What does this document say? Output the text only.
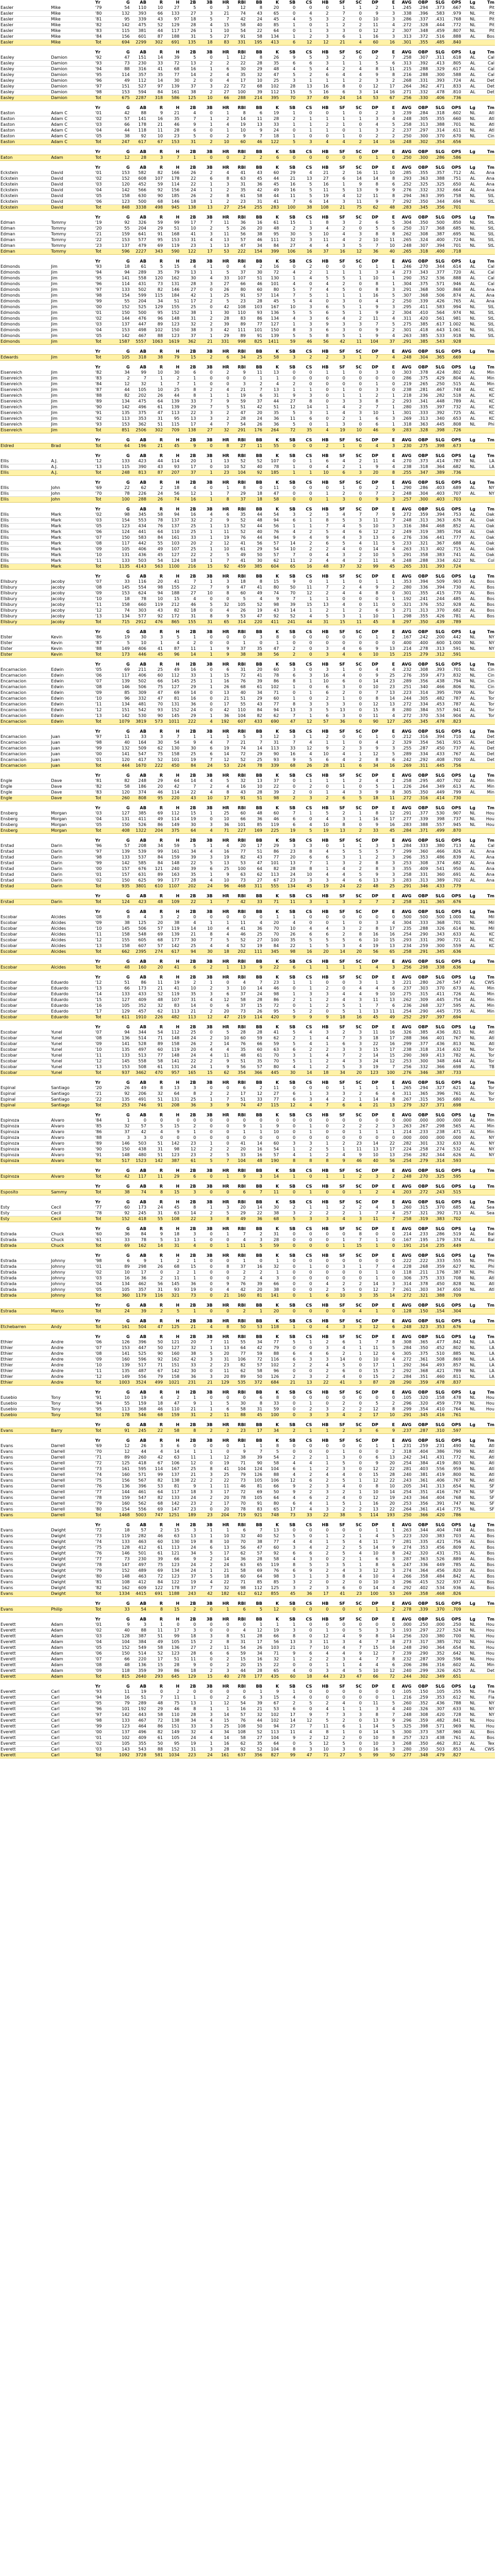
		Yr	G	AB	R	H	2B	3B	HR	RBI	BB	K	SB	CS	HB	SF	SC	DP	E	AVG	OBP	SLG	OPS	Lg	Tm
Easler	Mike	'79	54	110	10	27	5	0	3	12	8	20	0	0	0	1	1	2	1	.245	.294	.373	.667	NL	Pit
Easler	Mike	'80	132	393	66	133	27	3	21	74	43	65	0	4	2	7	0	9	3	.338	.396	.583	.979	NL	Pit
Easler	Mike	'81	95	339	43	97	18	5	7	42	24	45	4	5	3	2	0	10	3	.286	.337	.431	.768	NL	Pit
Easler	Mike	'82	142	475	52	129	28	4	15	58	40	85	1	0	1	2	2	11	4	.272	.328	.444	.772	NL	Pit
Easler	Mike	'83	115	381	44	117	26	1	10	54	22	64	0	1	3	3	0	12	2	.307	.348	.459	.807	NL	Pit
Easler	Mike	'84	156	601	87	188	31	5	27	91	58	134	1	2	3	6	1	16	3	.313	.372	.516	.888	AL	Bos
Easler	Mike	Tot	694	2299	302	691	135	18	83	331	195	413	6	12	12	21	4	60	16	.301	.355	.485	.840		

		Yr	G	AB	R	H	2B	3B	HR	RBI	BB	K	SB	CS	HB	SF	SC	DP	E	AVG	OBP	SLG	OPS	Lg	Tm
Easley	Damion	'92	47	151	14	39	5	0	1	12	8	26	9	5	3	2	0	2	7	.258	.307	.311	.618	AL	Cal
Easley	Damion	'93	73	230	33	72	13	2	2	22	28	35	6	6	3	1	1	5	6	.313	.392	.413	.805	AL	Cal
Easley	Damion	'94	88	316	41	68	16	1	6	30	29	48	4	5	4	2	4	8	11	.215	.288	.329	.617	AL	Cal
Easley	Damion	'95	114	357	35	77	14	2	4	35	32	47	5	2	6	4	4	9	8	.216	.288	.300	.588	AL	Cal
Easley	Damion	'96	49	112	14	30	2	0	4	17	10	25	3	1	1	1	2	3	2	.268	.331	.393	.724	AL	Det
Easley	Damion	'97	151	527	97	139	37	3	22	72	68	102	28	13	16	8	0	12	17	.264	.362	.471	.833	AL	Det
Easley	Damion	'98	153	594	84	161	38	2	27	100	39	112	15	5	16	6	3	14	16	.271	.332	.478	.810	AL	Det
Easley	Damion	Tot	675	2287	318	586	125	10	66	288	214	395	70	37	49	24	14	53	67	.256	.330	.406	.736		

		Yr	G	AB	R	H	2B	3B	HR	RBI	BB	K	SB	CS	HB	SF	SC	DP	E	AVG	OBP	SLG	OPS	Lg	Tm
Easton	Adam C	'01	42	88	9	21	4	0	1	8	6	19	1	0	0	1	0	2	3	.239	.284	.318	.602	NL	Atl
Easton	Adam C	'02	57	141	16	35	7	1	2	14	11	28	2	1	1	1	1	3	4	.248	.305	.355	.660	NL	Atl
Easton	Adam C	'03	66	178	21	46	9	1	4	19	13	33	1	1	2	1	0	4	5	.258	.313	.388	.701	NL	Atl
Easton	Adam C	'04	44	118	11	28	6	0	1	10	9	24	0	1	1	0	1	3	2	.237	.297	.314	.611	NL	Atl
Easton	Adam C	'05	38	92	10	23	5	0	2	9	7	18	1	0	0	1	0	2	2	.250	.300	.370	.670	NL	Cin
Easton	Adam C	Tot	247	617	67	153	31	2	10	60	46	122	5	3	4	4	2	14	16	.248	.302	.354	.656		

		Yr	G	AB	R	H	2B	3B	HR	RBI	BB	K	SB	CS	HB	SF	SC	DP	E	AVG	OBP	SLG	OPS	Lg	Tm
Eaton	Adam	Tot	12	28	3	7	1	0	0	2	2	6	0	0	0	0	0	1	0	.250	.300	.286	.586		

		Yr	G	AB	R	H	2B	3B	HR	RBI	BB	K	SB	CS	HB	SF	SC	DP	E	AVG	OBP	SLG	OPS	Lg	Tm
Eckstein	David	'01	153	582	82	166	26	2	4	41	43	60	29	4	21	2	16	11	10	.285	.355	.357	.712	AL	Ana
Eckstein	David	'02	152	608	107	178	22	6	8	63	45	44	21	13	27	6	14	14	8	.293	.363	.388	.751	AL	Ana
Eckstein	David	'03	120	452	59	114	22	1	3	31	36	45	16	5	16	1	9	8	6	.252	.325	.325	.650	AL	Ana
Eckstein	David	'04	142	566	92	156	24	1	2	35	42	49	16	5	11	5	13	9	9	.276	.332	.332	.664	AL	Ana
Eckstein	David	'05	158	630	90	185	26	2	8	61	58	44	11	5	19	4	12	11	8	.294	.363	.395	.758	NL	StL
Eckstein	David	'06	123	500	68	146	18	1	2	23	31	41	7	6	14	3	11	9	7	.292	.350	.344	.694	NL	StL
Eckstein	David	Tot	848	3338	498	945	138	13	27	254	255	283	100	38	108	21	75	62	48	.283	.345	.356	.701		

		Yr	G	AB	R	H	2B	3B	HR	RBI	BB	K	SB	CS	HB	SF	SC	DP	E	AVG	OBP	SLG	OPS	Lg	Tm
Edman	Tommy	'19	92	326	59	99	17	7	11	36	16	61	15	1	8	3	2	6	5	.304	.350	.500	.850	NL	StL
Edman	Tommy	'20	55	204	29	51	10	2	5	26	20	48	2	3	4	2	0	5	6	.250	.317	.368	.685	NL	StL
Edman	Tommy	'21	159	641	91	168	41	3	11	56	38	95	30	5	10	4	3	8	8	.262	.308	.387	.695	NL	StL
Edman	Tommy	'22	153	577	95	153	31	4	13	57	46	111	32	3	11	4	2	10	11	.265	.324	.400	.724	NL	StL
Edman	Tommy	'23	137	479	69	119	23	1	13	47	34	84	27	4	4	3	5	7	10	.248	.307	.394	.701	NL	StL
Edman	Tommy	Tot	596	2227	343	590	122	17	53	222	154	399	106	16	37	16	12	36	40	.265	.318	.400	.718		

		Yr	G	AB	R	H	2B	3B	HR	RBI	BB	K	SB	CS	HB	SF	SC	DP	E	AVG	OBP	SLG	OPS	Lg	Tm
Edmonds	Jim	'93	18	61	5	15	4	1	0	4	2	16	0	2	0	0	0	1	1	.246	.270	.344	.614	AL	Cal
Edmonds	Jim	'94	94	289	35	79	13	1	5	37	30	72	4	2	1	1	1	3	4	.273	.343	.377	.720	AL	Cal
Edmonds	Jim	'95	141	558	120	162	30	4	33	107	51	130	1	4	5	5	1	10	1	.290	.352	.536	.888	AL	Cal
Edmonds	Jim	'96	114	431	73	131	28	3	27	66	46	101	4	0	4	2	0	8	1	.304	.375	.571	.946	AL	Cal
Edmonds	Jim	'97	133	502	82	146	27	0	26	80	60	80	5	7	4	5	0	8	3	.291	.368	.500	.868	AL	Ana
Edmonds	Jim	'98	154	599	115	184	42	1	25	91	57	114	7	5	1	1	1	16	5	.307	.368	.506	.874	AL	Ana
Edmonds	Jim	'99	55	204	34	51	17	2	5	23	28	45	5	4	0	3	0	4	2	.250	.339	.426	.765	AL	Ana
Edmonds	Jim	'00	152	525	129	155	25	0	42	108	103	167	10	3	6	5	1	9	3	.295	.411	.583	.994	NL	StL
Edmonds	Jim	'01	150	500	95	152	38	1	30	110	93	136	5	5	6	5	1	9	2	.304	.410	.564	.974	NL	StL
Edmonds	Jim	'02	144	476	96	148	31	2	28	83	86	134	4	3	6	4	2	11	4	.311	.420	.561	.981	NL	StL
Edmonds	Jim	'03	137	447	89	123	32	2	39	89	77	127	1	3	9	3	3	7	5	.275	.385	.617	1.002	NL	StL
Edmonds	Jim	'04	153	498	102	150	38	3	42	111	101	150	8	3	6	3	0	9	2	.301	.418	.643	1.061	NL	StL
Edmonds	Jim	'05	142	467	88	123	37	1	29	89	91	139	5	5	8	5	1	9	4	.263	.385	.533	.918	NL	StL
Edmonds	Jim	Tot	1587	5557	1063	1619	362	21	331	998	825	1411	59	46	56	42	11	104	37	.291	.385	.543	.928		

		Yr	G	AB	R	H	2B	3B	HR	RBI	BB	K	SB	CS	HB	SF	SC	DP	E	AVG	OBP	SLG	OPS	Lg	Tm
Edwards	Jim	Tot	105	318	38	79	15	2	6	34	25	58	3	2	2	3	1	7	4	.248	.304	.365	.669		

		Yr	G	AB	R	H	2B	3B	HR	RBI	BB	K	SB	CS	HB	SF	SC	DP	E	AVG	OBP	SLG	OPS	Lg	Tm
Eisenreich	Jim	'82	34	99	10	30	6	0	2	9	11	13	0	0	1	1	0	3	0	.303	.378	.424	.802	AL	Min
Eisenreich	Jim	'83	2	7	1	2	1	0	0	0	1	1	0	0	0	0	0	0	0	.286	.375	.429	.804	AL	Min
Eisenreich	Jim	'84	12	32	1	7	1	0	0	3	2	4	2	0	0	0	0	1	0	.219	.265	.250	.515	AL	Min
Eisenreich	Jim	'87	44	105	10	25	8	2	4	21	7	13	1	1	0	1	0	3	0	.238	.281	.467	.748	AL	KC
Eisenreich	Jim	'88	82	202	26	44	8	1	1	19	6	31	9	3	0	1	1	2	1	.218	.236	.282	.518	AL	KC
Eisenreich	Jim	'89	134	475	64	139	33	7	9	59	37	44	27	8	0	3	3	8	2	.293	.341	.448	.789	AL	KC
Eisenreich	Jim	'90	142	496	61	139	29	7	5	51	42	51	12	14	1	4	2	7	1	.280	.335	.397	.732	AL	KC
Eisenreich	Jim	'91	135	375	47	113	22	3	2	47	20	35	5	3	1	4	3	10	1	.301	.333	.392	.725	AL	KC
Eisenreich	Jim	'92	113	353	31	95	13	3	2	28	24	36	11	6	0	2	1	6	3	.269	.313	.340	.653	AL	KC
Eisenreich	Jim	'93	153	362	51	115	17	4	7	54	26	36	5	0	1	3	0	6	1	.318	.363	.445	.808	NL	Phi
Eisenreich	Jim	Tot	851	2506	302	709	138	27	32	291	176	264	72	35	4	19	10	46	9	.283	.328	.398	.726		

		Yr	G	AB	R	H	2B	3B	HR	RBI	BB	K	SB	CS	HB	SF	SC	DP	E	AVG	OBP	SLG	OPS	Lg	Tm
Eldred	Brad	Tot	64	196	21	45	9	0	8	27	11	55	0	0	2	1	0	4	3	.230	.275	.398	.673		

		Yr	G	AB	R	H	2B	3B	HR	RBI	BB	K	SB	CS	HB	SF	SC	DP	E	AVG	OBP	SLG	OPS	Lg	Tm
Ellis	A.J.	'12	133	423	44	114	20	1	13	52	52	107	0	1	6	4	2	11	4	.270	.373	.414	.787	NL	LA
Ellis	A.J.	'13	115	390	43	93	17	0	10	52	40	78	1	0	4	2	1	9	4	.238	.318	.364	.682	NL	LA
Ellis	A.J.	Tot	248	813	87	207	37	1	23	104	92	185	1	1	10	6	3	20	8	.255	.347	.389	.736		

		Yr	G	AB	R	H	2B	3B	HR	RBI	BB	K	SB	CS	HB	SF	SC	DP	E	AVG	OBP	SLG	OPS	Lg	Tm
Ellis	John	'69	22	62	2	18	4	0	1	8	0	11	0	0	0	1	0	2	1	.290	.286	.403	.689	AL	NY
Ellis	John	'70	78	226	24	56	12	1	7	29	18	47	0	0	1	2	0	7	2	.248	.304	.403	.707	AL	NY
Ellis	John	Tot	100	288	26	74	16	1	8	37	18	58	0	0	1	3	0	9	3	.257	.300	.403	.703		

		Yr	G	AB	R	H	2B	3B	HR	RBI	BB	K	SB	CS	HB	SF	SC	DP	E	AVG	OBP	SLG	OPS	Lg	Tm
Ellis	Mark	'02	98	345	58	94	16	4	6	35	44	54	3	2	3	4	7	7	9	.272	.359	.394	.753	AL	Oak
Ellis	Mark	'03	154	553	78	137	32	2	9	52	48	94	6	1	8	5	3	11	7	.248	.313	.363	.676	AL	Oak
Ellis	Mark	'05	123	434	76	137	25	1	13	52	44	56	1	1	7	4	5	10	3	.316	.384	.468	.852	AL	Oak
Ellis	Mark	'06	124	441	64	110	25	1	11	52	40	76	4	2	5	4	6	12	2	.249	.319	.385	.704	AL	Oak
Ellis	Mark	'07	150	583	84	161	33	1	19	76	44	94	9	4	9	4	3	13	6	.276	.336	.441	.777	AL	Oak
Ellis	Mark	'08	117	442	55	103	20	2	12	41	56	57	14	2	6	5	4	11	5	.233	.321	.367	.688	AL	Oak
Ellis	Mark	'09	105	406	49	107	25	1	10	61	29	54	10	2	2	4	0	14	4	.263	.313	.402	.715	AL	Oak
Ellis	Mark	'10	131	436	45	127	22	2	5	49	50	57	7	0	4	3	2	10	5	.291	.358	.383	.741	AL	Oak
Ellis	Mark	'11	133	503	54	124	18	1	7	41	30	62	11	2	4	4	2	11	4	.248	.288	.334	.622	NL	Col
Ellis	Mark	Tot	1135	4143	563	1100	216	15	92	459	385	604	65	16	48	37	32	99	45	.265	.331	.393	.724		

		Yr	G	AB	R	H	2B	3B	HR	RBI	BB	K	SB	CS	HB	SF	SC	DP	E	AVG	OBP	SLG	OPS	Lg	Tm
Ellsbury	Jacoby	'07	33	116	20	41	7	1	3	18	8	15	9	0	1	1	0	1	1	.353	.394	.509	.903	AL	Bos
Ellsbury	Jacoby	'08	145	554	98	155	22	7	9	47	41	80	50	11	7	2	4	9	2	.280	.336	.394	.730	AL	Bos
Ellsbury	Jacoby	'09	153	624	94	188	27	10	8	60	49	74	70	12	2	4	4	8	0	.301	.355	.415	.770	AL	Bos
Ellsbury	Jacoby	'10	18	78	10	15	4	0	0	5	4	9	7	1	1	0	0	0	1	.192	.241	.244	.485	AL	Bos
Ellsbury	Jacoby	'11	158	660	119	212	46	5	32	105	52	98	39	15	13	4	0	11	0	.321	.376	.552	.928	AL	Bos
Ellsbury	Jacoby	'12	74	303	43	82	18	0	4	26	19	43	14	1	2	1	2	6	3	.271	.313	.370	.682	AL	Bos
Ellsbury	Jacoby	'13	134	577	92	172	31	8	9	53	47	92	52	4	5	3	1	10	1	.298	.355	.426	.781	AL	Bos
Ellsbury	Jacoby	Tot	715	2912	476	865	155	31	65	314	220	411	241	44	31	15	11	45	8	.297	.350	.439	.789		

		Yr	G	AB	R	H	2B	3B	HR	RBI	BB	K	SB	CS	HB	SF	SC	DP	E	AVG	OBP	SLG	OPS	Lg	Tm
Elster	Kevin	'86	19	30	3	5	1	0	0	0	3	8	0	0	0	0	0	1	2	.167	.242	.200	.442	NL	NY
Elster	Kevin	'87	5	10	1	4	2	0	0	1	0	1	0	0	0	0	0	0	0	.400	.400	.600	1.000	NL	NY
Elster	Kevin	'88	149	406	41	87	11	1	9	37	35	47	2	0	3	4	6	9	13	.214	.278	.313	.591	NL	NY
Elster	Kevin	Tot	173	446	45	96	14	1	9	38	38	56	2	0	3	4	6	10	15	.215	.279	.312	.591		

		Yr	G	AB	R	H	2B	3B	HR	RBI	BB	K	SB	CS	HB	SF	SC	DP	E	AVG	OBP	SLG	OPS	Lg	Tm
Encarnacion	Edwin	'05	69	211	25	49	16	0	6	31	20	60	3	0	3	1	0	4	4	.232	.308	.393	.701	NL	Cin
Encarnacion	Edwin	'06	117	406	60	112	33	1	15	72	41	78	6	3	16	4	0	9	25	.276	.359	.473	.832	NL	Cin
Encarnacion	Edwin	'07	139	502	66	145	25	1	16	76	39	86	8	1	10	6	0	14	23	.289	.356	.438	.794	NL	Cin
Encarnacion	Edwin	'08	146	506	75	127	29	1	26	68	61	102	1	0	6	3	0	10	23	.251	.340	.466	.806	NL	Cin
Encarnacion	Edwin	'09	85	309	47	69	14	0	13	40	34	71	0	1	6	2	0	7	13	.223	.314	.395	.709	AL	Tor
Encarnacion	Edwin	'10	96	332	47	81	16	0	21	51	29	60	1	0	2	1	0	8	14	.244	.305	.482	.787	AL	Tor
Encarnacion	Edwin	'11	134	481	70	131	36	0	17	55	43	77	8	3	3	3	0	12	13	.272	.334	.453	.787	AL	Tor
Encarnacion	Edwin	'12	151	542	93	152	24	0	42	110	84	94	13	3	5	13	0	15	8	.280	.384	.557	.941	AL	Tor
Encarnacion	Edwin	'13	142	530	90	145	29	1	36	104	82	62	7	1	6	3	0	11	4	.272	.370	.534	.904	AL	Tor
Encarnacion	Edwin	Tot	1079	3819	573	1011	222	4	192	607	433	690	47	12	57	36	0	90	127	.265	.345	.478	.823		

		Yr	G	AB	R	H	2B	3B	HR	RBI	BB	K	SB	CS	HB	SF	SC	DP	E	AVG	OBP	SLG	OPS	Lg	Tm
Encarnacion	Juan	'97	11	33	3	7	1	1	1	5	3	12	3	1	2	0	0	1	0	.212	.316	.394	.710	AL	Det
Encarnacion	Juan	'98	40	164	30	54	9	4	7	21	7	31	7	4	1	1	0	4	2	.329	.354	.561	.915	AL	Det
Encarnacion	Juan	'99	132	509	62	130	30	6	19	74	14	113	33	12	9	2	3	9	3	.255	.287	.450	.737	AL	Det
Encarnacion	Juan	'00	141	547	75	158	25	6	14	72	29	90	16	4	10	4	1	12	5	.289	.334	.433	.767	AL	Det
Encarnacion	Juan	'01	120	417	52	101	19	7	12	52	25	93	9	5	6	4	2	8	6	.242	.292	.408	.700	AL	Det
Encarnacion	Juan	Tot	444	1670	222	450	84	24	53	224	78	339	68	26	28	11	6	34	16	.269	.311	.445	.756		

		Yr	G	AB	R	H	2B	3B	HR	RBI	BB	K	SB	CS	HB	SF	SC	DP	E	AVG	OBP	SLG	OPS	Lg	Tm
Engle	Dave	'81	82	248	29	64	14	4	5	32	13	37	0	1	1	1	2	4	2	.258	.295	.407	.702	AL	Min
Engle	Dave	'82	58	186	20	42	7	2	4	16	10	22	0	2	0	1	0	5	1	.226	.264	.349	.613	AL	Min
Engle	Dave	'83	120	374	46	114	22	4	8	43	28	39	2	0	1	4	3	9	8	.305	.350	.449	.799	AL	Min
Engle	Dave	Tot	260	808	95	220	43	10	17	91	51	98	2	3	2	6	5	18	11	.272	.316	.414	.730		

		Yr	G	AB	R	H	2B	3B	HR	RBI	BB	K	SB	CS	HB	SF	SC	DP	E	AVG	OBP	SLG	OPS	Lg	Tm
Ensberg	Morgan	'03	127	385	69	112	15	1	25	60	48	60	7	1	5	2	1	8	12	.291	.377	.530	.907	NL	Hou
Ensberg	Morgan	'04	131	411	49	114	19	0	10	66	36	46	6	0	4	3	1	16	17	.277	.339	398	.737	NL	Hou
Ensberg	Morgan	'05	150	526	86	149	30	3	36	101	85	119	6	4	10	8	0	9	16	.283	.388	.557	.945	NL	Hou
Ensberg	Morgan	Tot	408	1322	204	375	64	4	71	227	169	225	19	5	19	13	2	33	45	.284	.371	.499	.870		

		Yr	G	AB	R	H	2B	3B	HR	RBI	BB	K	SB	CS	HB	SF	SC	DP	E	AVG	OBP	SLG	OPS	Lg	Tm
Erstad	Darin	'96	57	208	34	59	5	1	4	20	17	29	3	3	0	1	1	3	3	.284	.333	.380	.713	AL	Cal
Erstad	Darin	'97	139	539	99	161	34	4	16	77	51	86	23	8	4	5	5	5	7	.299	.360	.466	.826	AL	Ana
Erstad	Darin	'98	133	537	84	159	39	3	19	82	43	77	20	6	6	3	1	2	3	.296	.353	.486	.839	AL	Ana
Erstad	Darin	'99	142	585	84	148	22	5	13	53	47	101	13	7	1	3	2	8	3	.253	.308	.374	.682	AL	Ana
Erstad	Darin	'00	157	676	121	240	39	6	25	100	64	82	28	8	1	4	2	8	3	.355	.409	.541	.950	AL	Ana
Erstad	Darin	'01	157	631	89	163	35	1	9	63	62	113	24	10	4	4	5	9	3	.258	.331	360	.691	AL	Ana
Erstad	Darin	'02	150	625	99	177	28	4	10	73	27	67	23	3	3	4	6	13	3	.283	.313	.389	.702	AL	Ana
Erstad	Darin	Tot	935	3801	610	1107	202	24	96	468	311	555	134	45	19	24	22	48	25	.291	.346	.433	.779		

		Yr	G	AB	R	H	2B	3B	HR	RBI	BB	K	SB	CS	HB	SF	SC	DP	E	AVG	OBP	SLG	OPS	Lg	Tm
Erstad	Darin	Tot	124	423	48	109	22	1	7	42	33	71	11	3	1	3	2	7	2	.258	.311	.365	.676		

		Yr	G	AB	R	H	2B	3B	HR	RBI	BB	K	SB	CS	HB	SF	SC	DP	E	AVG	OBP	SLG	OPS	Lg	Tm
Escobar	Alcides	'08	8	4	3	2	0	0	0	0	0	1	1	0	0	0	0	0	0	.500	.500	.500	1.000	NL	Mil
Escobar	Alcides	'09	38	125	20	38	4	1	1	11	4	20	4	0	0	1	0	3	4	.304	.333	.368	.701	NL	Mil
Escobar	Alcides	'10	145	506	57	119	14	10	4	41	36	70	10	4	4	3	2	8	17	.235	.288	.326	.614	NL	Mil
Escobar	Alcides	'11	158	548	69	139	21	8	4	46	25	70	26	6	6	2	8	16	16	.254	.290	.343	.633	AL	KC
Escobar	Alcides	'12	155	605	68	177	30	7	5	52	27	100	35	5	5	5	6	10	15	.293	.331	.390	.721	AL	KC
Escobar	Alcides	'13	158	607	57	142	25	4	4	52	19	84	22	1	5	3	4	19	13	.234	.259	.300	.559	AL	KC
Escobar	Alcides	Tot	662	2395	274	617	94	30	18	202	111	345	98	16	20	14	20	56	65	.258	.291	.345	.636		

		Yr	G	AB	R	H	2B	3B	HR	RBI	BB	K	SB	CS	HB	SF	SC	DP	E	AVG	OBP	SLG	OPS	Lg	Tm
Escobar	Alcides	Tot	48	160	20	41	6	2	1	13	9	22	6	1	1	1	1	4	3	.256	.298	.338	.636		

		Yr	G	AB	R	H	2B	3B	HR	RBI	BB	K	SB	CS	HB	SF	SC	DP	E	AVG	OBP	SLG	OPS	Lg	Tm
Escobar	Eduardo	'12	51	86	11	19	2	1	0	4	7	23	1	1	0	0	3	1	3	.221	.280	.267	.547	AL	CWS
Escobar	Eduardo	'13	66	173	21	41	10	2	3	10	14	46	0	1	2	0	4	4	6	.237	.303	.370	.673	AL	Min
Escobar	Eduardo	'14	133	433	52	119	35	3	6	37	24	98	1	3	3	4	4	9	10	.275	.315	.411	.726	AL	Min
Escobar	Eduardo	'15	127	409	48	107	31	4	12	58	28	86	2	1	2	4	3	11	13	.262	.309	.445	.754	AL	Min
Escobar	Eduardo	'16	105	352	32	83	14	0	6	37	15	72	0	1	2	5	1	7	6	.236	.268	.327	.595	AL	Min
Escobar	Eduardo	'17	129	457	62	113	21	2	20	73	26	95	5	2	0	5	1	13	11	.254	.290	.445	.735	AL	Min
Escobar	Eduardo	Tot	611	1910	226	482	113	12	47	219	114	420	9	9	9	18	16	45	49	.252	.297	.397	.694		

		Yr	G	AB	R	H	2B	3B	HR	RBI	BB	K	SB	CS	HB	SF	SC	DP	E	AVG	OBP	SLG	OPS	Lg	Tm
Escobar	Yunel	'07	94	344	54	112	25	0	5	28	28	41	5	4	3	2	3	11	16	.326	.385	.436	.821	NL	Atl
Escobar	Yunel	'08	136	514	71	148	24	2	10	60	59	62	2	1	4	7	3	18	17	.288	.366	.401	.767	NL	Atl
Escobar	Yunel	'09	141	528	89	158	26	2	14	76	66	59	5	4	1	6	3	22	16	.299	.377	.436	.813	NL	Atl
Escobar	Yunel	'10	135	497	60	119	20	4	4	35	60	63	6	2	2	3	3	15	17	.238	.318	.314	.632	NL	Tor
Escobar	Yunel	'11	133	513	77	148	24	4	11	48	61	70	3	1	4	7	2	14	15	.290	.369	.413	.782	AL	Tor
Escobar	Yunel	'12	145	558	58	141	22	2	9	51	35	70	5	1	2	4	3	24	12	.253	.300	348	.644	AL	Tor
Escobar	Yunel	'13	153	508	61	131	24	1	9	56	57	80	4	1	2	5	3	19	7	.256	.332	.366	.698	AL	TB
Escobar	Yunel	Tot	937	3462	470	957	165	15	62	354	366	445	30	14	18	34	20	123	100	.276	.346	.387	.733		

		Yr	G	AB	R	H	2B	3B	HR	RBI	BB	K	SB	CS	HB	SF	SC	DP	E	AVG	OBP	SLG	OPS	Lg	Tm
Espinal	Santiago	'20	26	49	8	13	3	0	0	6	2	11	0	0	0	1	1	1	1	.265	.294	.327	.621	AL	Tor
Espinal	Santiago	'21	92	206	32	64	8	2	2	17	12	27	6	1	3	3	2	6	4	.311	.365	.396	.761	AL	Tor
Espinal	Santiago	'22	135	491	51	131	25	1	7	51	33	77	6	3	4	2	1	14	8	.267	.315	365	.680	AL	Tor
Espinal	Santiago	Tot	253	746	91	208	36	3	9	74	47	115	12	4	7	6	4	21	13	.279	.327	.371	.698		

		Yr	G	AB	R	H	2B	3B	HR	RBI	BB	K	SB	CS	HB	SF	SC	DP	E	AVG	OBP	SLG	OPS	Lg	Tm
Espinoza	Alvaro	'84	1	0	0	0	0	0	0	0	0	0	0	0	0	0	0	0	0	.000	.000	.000	.000	AL	Min
Espinoza	Alvaro	'85	32	57	5	15	2	0	0	9	1	9	0	1	0	2	2	2	3	.263	.267	.298	.565	AL	Min
Espinoza	Alvaro	'86	37	42	4	9	1	0	0	1	1	10	0	1	0	0	1	1	1	.214	.233	.238	.471	AL	Min
Espinoza	Alvaro	'88	3	3	0	0	0	0	0	0	0	0	0	0	0	0	0	0	0	.000	.000	.000	.000	AL	NY
Espinoza	Alvaro	'89	146	503	51	142	23	1	0	41	14	60	3	3	1	2	23	14	22	.282	.301	.332	.633	AL	NY
Espinoza	Alvaro	'90	150	438	31	98	12	2	2	20	16	54	1	2	5	1	11	13	17	.224	.258	.274	.532	AL	NY
Espinoza	Alvaro	'91	148	480	51	123	23	2	5	33	16	57	4	1	2	4	9	10	13	.256	.282	.344	.626	AL	NY
Espinoza	Alvaro	Tot	517	1523	142	387	61	5	7	104	48	190	8	8	8	9	46	40	56	.254	.279	.314	.593		

		Yr	G	AB	R	H	2B	3B	HR	RBI	BB	K	SB	CS	HB	SF	SC	DP	E	AVG	OBP	SLG	OPS	Lg	Tm
Espinoza	Alvaro	Tot	42	117	11	29	6	0	1	9	3	14	1	0	1	1	2	3	2	.248	.270	.325	.595		

		Yr	G	AB	R	H	2B	3B	HR	RBI	BB	K	SB	CS	HB	SF	SC	DP	E	AVG	OBP	SLG	OPS	Lg	Tm
Esposito	Sammy	Tot	38	74	8	15	3	0	0	6	7	11	0	1	0	0	1	2	4	.203	.272	.243	.515		

		Yr	G	AB	R	H	2B	3B	HR	RBI	BB	K	SB	CS	HB	SF	SC	DP	E	AVG	OBP	SLG	OPS	Lg	Tm
Esty	Cecil	'77	60	173	24	45	8	1	3	20	14	30	2	1	1	2	2	4	3	.260	.315	.370	.685	AL	Sea
Esty	Cecil	'78	92	245	31	63	14	2	5	29	22	38	3	2	2	2	1	7	4	.257	.321	.392	.713	AL	Sea
Esty	Cecil	Tot	152	418	55	108	22	3	8	49	36	68	5	3	3	4	3	11	7	.258	.319	.383	.702		

		Yr	G	AB	R	H	2B	3B	HR	RBI	BB	K	SB	CS	HB	SF	SC	DP	E	AVG	OBP	SLG	OPS	Lg	Tm
Estrada	Chuck	'60	36	84	9	18	3	0	1	7	2	31	0	0	0	0	8	0	0	.214	.233	.286	.519	AL	Bal
Estrada	Chuck	'61	33	78	5	13	1	0	0	4	3	28	0	0	0	1	7	1	0	.167	.195	.179	.374	AL	Bal
Estrada	Chuck	Tot	69	162	14	31	4	0	1	11	5	59	0	0	0	1	15	1	0	.191	.214	.235	.449		

		Yr	G	AB	R	H	2B	3B	HR	RBI	BB	K	SB	CS	HB	SF	SC	DP	E	AVG	OBP	SLG	OPS	Lg	Tm
Estrada	Johnny	'98	6	9	1	2	1	0	0	1	0	1	0	0	0	0	0	0	0	.222	.222	.333	.555	NL	Phi
Estrada	Johnny	'01	89	298	26	68	15	0	8	37	16	32	0	1	0	3	1	7	4	.228	.268	.359	.627	NL	Phi
Estrada	Johnny	'02	10	17	0	2	1	0	0	2	2	1	0	0	0	0	0	1	0	.118	.211	.176	.387	NL	Phi
Estrada	Johnny	'03	16	36	2	11	1	0	0	2	4	3	0	0	0	0	0	1	0	.306	.375	.333	.708	NL	Atl
Estrada	Johnny	'04	134	462	56	145	36	0	9	76	39	66	0	0	4	2	2	14	3	.314	.378	.450	.828	NL	Atl
Estrada	Johnny	'05	105	357	31	93	19	0	4	42	20	38	0	0	2	5	0	12	7	.261	.303	347	.650	NL	Atl
Estrada	Johnny	Tot	360	1179	116	321	73	0	21	160	81	141	0	1	6	10	3	35	14	.272	.321	.388	.709		

		Yr	G	AB	R	H	2B	3B	HR	RBI	BB	K	SB	CS	HB	SF	SC	DP	E	AVG	OBP	SLG	OPS	Lg	Tm
Estrada	Marco	Tot	24	39	2	5	1	0	0	2	1	20	0	0	0	0	4	1	0	.128	.150	.154	.304		

		Yr	G	AB	R	H	2B	3B	HR	RBI	BB	K	SB	CS	HB	SF	SC	DP	E	AVG	OBP	SLG	OPS	Lg	Tm
Etchebarren	Andy	Tot	161	504	47	125	21	4	8	50	53	118	1	0	4	3	3	12	6	.248	.323	.353	.676		

		Yr	G	AB	R	H	2B	3B	HR	RBI	BB	K	SB	CS	HB	SF	SC	DP	E	AVG	OBP	SLG	OPS	Lg	Tm
Ethier	Andre	'06	126	396	50	121	20	7	11	55	34	77	5	1	2	6	1	7	8	.308	.365	.477	.842	NL	LA
Ethier	Andre	'07	153	447	50	127	32	1	13	64	42	79	0	0	3	4	1	11	5	.284	.350	.452	.802	NL	LA
Ethier	Andre	'08	141	525	90	160	38	5	20	77	59	88	6	4	6	2	1	12	6	.305	.375	.510	.885	NL	LA
Ethier	Andre	'09	160	596	92	162	42	3	31	106	72	116	6	3	3	14	0	10	4	.272	.361	.508	.869	NL	LA
Ethier	Andre	'10	139	517	71	151	33	2	23	82	57	102	2	2	4	5	0	17	1	.292	.364	.493	.857	NL	LA
Ethier	Andre	'11	135	487	67	142	30	0	11	62	58	96	0	0	2	6	0	15	2	.292	.368	.421	.789	NL	LA
Ethier	Andre	'12	149	556	79	158	36	3	20	89	50	126	2	3	2	4	0	15	2	.284	.351	.460	.811	NL	LA
Ethier	Andre	Tot	1003	3524	499	1021	231	21	129	535	372	684	21	13	22	41	3	87	28	.290	.359	.478	.837		

		Yr	G	AB	R	H	2B	3B	HR	RBI	BB	K	SB	CS	HB	SF	SC	DP	E	AVG	OBP	SLG	OPS	Lg	Tm
Eusebio	Tony	'91	10	19	4	2	1	0	0	0	6	8	0	0	0	0	0	0	0	.105	.320	.158	.478	NL	Hou
Eusebio	Tony	'94	55	159	18	47	9	1	5	30	8	33	0	1	0	2	0	5	2	.296	.320	.459	.779	NL	Hou
Eusebio	Tony	'95	113	368	46	110	21	1	6	58	31	59	0	2	3	2	2	12	8	.299	.354	.410	.764	NL	Hou
Eusebio	Tony	Tot	178	546	68	159	31	2	11	88	45	100	0	3	3	4	2	17	10	.291	.345	.416	.761		

		Yr	G	AB	R	H	2B	3B	HR	RBI	BB	K	SB	CS	HB	SF	SC	DP	E	AVG	OBP	SLG	OPS	Lg	Tm
Evans	Barry	Tot	91	245	22	58	8	2	2	23	17	34	2	1	1	2	3	6	9	.237	.287	.310	.597		

		Yr	G	AB	R	H	2B	3B	HR	RBI	BB	K	SB	CS	HB	SF	SC	DP	E	AVG	OBP	SLG	OPS	Lg	Tm
Evans	Darrell	'69	12	26	3	6	0	0	0	1	1	8	0	0	0	0	0	1	1	.231	.259	.231	.490	NL	Atl
Evans	Darrell	'70	12	44	4	14	1	1	0	9	7	5	0	0	0	1	0	0	2	.318	.404	.386	.790	NL	Atl
Evans	Darrell	'71	89	260	42	63	11	1	12	38	39	54	2	2	1	3	0	6	13	.242	.341	.431	.772	NL	Atl
Evans	Darrell	'72	125	418	67	106	12	0	19	71	90	58	4	4	1	5	0	9	20	.254	.384	.419	.803	NL	Atl
Evans	Darrell	'73	161	595	114	167	25	8	41	104	124	104	6	1	2	3	0	12	22	.281	.403	.556	.959	NL	Atl
Evans	Darrell	'74	160	571	99	137	21	3	25	79	126	88	4	2	4	4	0	15	28	.240	.381	.419	.800	NL	Atl
Evans	Darrell	'75	156	567	82	138	22	2	22	73	105	106	12	6	2	5	1	12	22	.243	.361	.406	.767	NL	Atl
Evans	Darrell	'76	136	396	53	81	9	1	11	46	81	66	9	2	3	4	0	8	10	.205	.341	.313	.654	NL	SF
Evans	Darrell	'77	144	461	64	117	18	3	17	72	69	50	9	2	3	2	1	10	14	.254	.351	.416	.767	NL	SF
Evans	Darrell	'78	159	547	82	133	24	2	20	78	105	64	4	6	2	4	0	12	19	.243	.364	.404	.768	NL	SF
Evans	Darrell	'79	160	562	68	142	23	2	17	70	91	80	6	4	1	5	1	16	20	.253	.356	.391	.747	NL	SF
Evans	Darrell	'80	154	556	69	147	23	0	20	78	83	65	17	4	3	2	2	13	22	.264	.361	.414	.775	NL	SF
Evans	Darrell	Tot	1468	5003	747	1251	189	23	204	719	921	748	73	33	22	38	5	114	193	.250	.366	.420	.786		

		Yr	G	AB	R	H	2B	3B	HR	RBI	BB	K	SB	CS	HB	SF	SC	DP	E	AVG	OBP	SLG	OPS	Lg	Tm
Evans	Dwight	'72	18	57	2	15	3	1	1	6	7	13	0	0	0	0	0	1	1	.263	.344	.404	.748	AL	Bos
Evans	Dwight	'73	119	282	46	63	13	1	10	32	40	52	5	0	1	2	1	4	5	.223	.320	.383	.703	AL	Bos
Evans	Dwight	'74	133	463	60	130	19	8	10	70	38	77	4	4	1	5	4	11	7	.281	.335	.421	.756	AL	Bos
Evans	Dwight	'75	128	412	61	113	24	6	13	56	47	60	3	4	2	2	5	14	9	.274	.353	.456	.809	AL	Bos
Evans	Dwight	'76	146	501	61	121	34	5	17	62	57	92	6	6	2	5	4	10	8	.242	.320	.431	.751	AL	Bos
Evans	Dwight	'77	73	230	39	66	9	2	14	36	28	58	4	3	0	2	1	6	3	.287	.363	.526	.889	AL	Bos
Evans	Dwight	'78	147	497	75	123	24	2	24	63	65	119	8	5	3	5	1	8	6	.247	.336	449	.785	AL	Bos
Evans	Dwight	'79	152	489	69	134	24	1	21	58	69	76	6	9	2	4	3	12	3	.274	.364	.456	.820	AL	Bos
Evans	Dwight	'80	148	463	72	123	37	5	18	60	64	98	3	1	3	8	4	10	4	.266	.358	.484	.842	AL	Bos
Evans	Dwight	'81	108	412	84	122	19	4	22	71	85	85	3	2	0	2	0	10	3	.296	.415	.522	.937	AL	Bos
Evans	Dwight	'82	162	609	122	178	37	7	32	98	112	125	3	2	3	6	0	14	4	.292	.402	.534	.936	AL	Bos
Evans	Dwight	Tot	1334	4415	691	1188	243	42	182	612	612	855	45	36	17	41	23	100	53	.269	.358	.468	.826		

		Yr	G	AB	R	H	2B	3B	HR	RBI	BB	K	SB	CS	HB	SF	SC	DP	E	AVG	OBP	SLG	OPS	Lg	Tm
Evans	Philip	Tot	33	54	8	15	2	0	1	6	5	12	0	0	0	0	0	1	2	.278	.339	.370	.709		

		Yr	G	AB	R	H	2B	3B	HR	RBI	BB	K	SB	CS	HB	SF	SC	DP	E	AVG	OBP	SLG	OPS	Lg	Tm
Everett	Adam	'01	9	3	1	0	0	0	0	0	1	1	1	0	0	0	0	0	0	.000	.250	.000	.250	NL	Hou
Everett	Adam	'02	40	88	11	17	3	0	0	4	12	19	3	0	1	0	5	3	3	.193	.297	.227	.524	NL	Hou
Everett	Adam	'03	128	387	51	99	18	3	8	51	28	66	8	0	12	4	9	8	14	.256	.320	.380	.700	NL	Hou
Everett	Adam	'04	104	384	49	105	15	2	8	31	17	56	13	3	11	3	4	7	8	.273	.317	.385	.702	NL	Hou
Everett	Adam	'05	152	549	58	136	27	2	11	54	26	103	21	7	10	4	7	15	14	.248	.290	.364	.654	NL	Hou
Everett	Adam	'06	150	514	52	123	28	6	6	59	34	71	9	6	4	4	9	12	7	.239	.290	.352	.642	NL	Hou
Everett	Adam	'07	66	220	17	51	11	0	2	15	16	32	1	2	2	3	4	7	8	.232	.287	.309	.596	NL	Hou
Everett	Adam	'08	48	136	15	28	9	0	2	20	15	22	0	0	1	1	4	4	6	.206	.286	.316	.602	AL	Min
Everett	Adam	'09	118	359	39	86	18	2	3	44	28	65	4	0	3	4	5	10	12	.240	.299	.326	.625	AL	Det
Everett	Adam	Tot	815	2640	293	645	129	15	40	278	177	435	60	18	44	23	47	66	72	.244	.302	.349	.651		

		Yr	G	AB	R	H	2B	3B	HR	RBI	BB	K	SB	CS	HB	SF	SC	DP	E	AVG	OBP	SLG	OPS	Lg	Tm
Everett	Carl	'93	11	19	0	2	0	0	0	0	1	9	1	0	0	0	0	0	0	.105	.150	.105	.255	NL	Fla
Everett	Carl	'94	16	51	7	11	1	0	2	6	3	15	4	0	0	0	0	0	1	.216	.259	.353	.612	NL	Fla
Everett	Carl	'95	79	289	48	75	13	1	12	54	39	67	2	5	2	4	0	11	5	.260	.352	.436	.788	NL	NY
Everett	Carl	'96	101	192	29	46	8	1	1	16	21	53	6	0	4	1	1	3	4	.240	.326	.307	.633	NL	NY
Everett	Carl	'97	142	443	58	110	28	3	14	57	32	102	17	9	7	3	3	8	7	.248	.308	.420	.728	NL	NY
Everett	Carl	'98	133	467	72	138	34	4	15	76	44	102	14	12	5	2	0	13	9	.296	.359	.482	.841	NL	Hou
Everett	Carl	'99	123	464	86	151	33	3	25	108	50	94	27	7	11	6	1	14	5	.325	.398	.571	.969	NL	Hou
Everett	Carl	'00	137	496	82	149	32	4	34	108	52	113	11	4	8	1	0	14	5	.300	.373	.587	.960	AL	Bos
Everett	Carl	'01	102	409	61	105	24	4	14	58	27	104	9	2	12	2	0	10	8	.257	.323	.438	.761	AL	Bos
Everett	Carl	'02	105	355	50	95	19	1	16	62	35	64	0	5	12	5	0	10	3	.268	.350	.462	.812	AL	Tex
Everett	Carl	'03	143	543	88	152	31	3	28	92	52	104	8	3	10	3	0	16	3	.280	.350	.503	.853	AL	CWS
Everett	Carl	Tot	1092	3728	581	1034	223	24	161	637	356	827	99	47	71	27	5	99	50	.277	.348	.479	.827		
